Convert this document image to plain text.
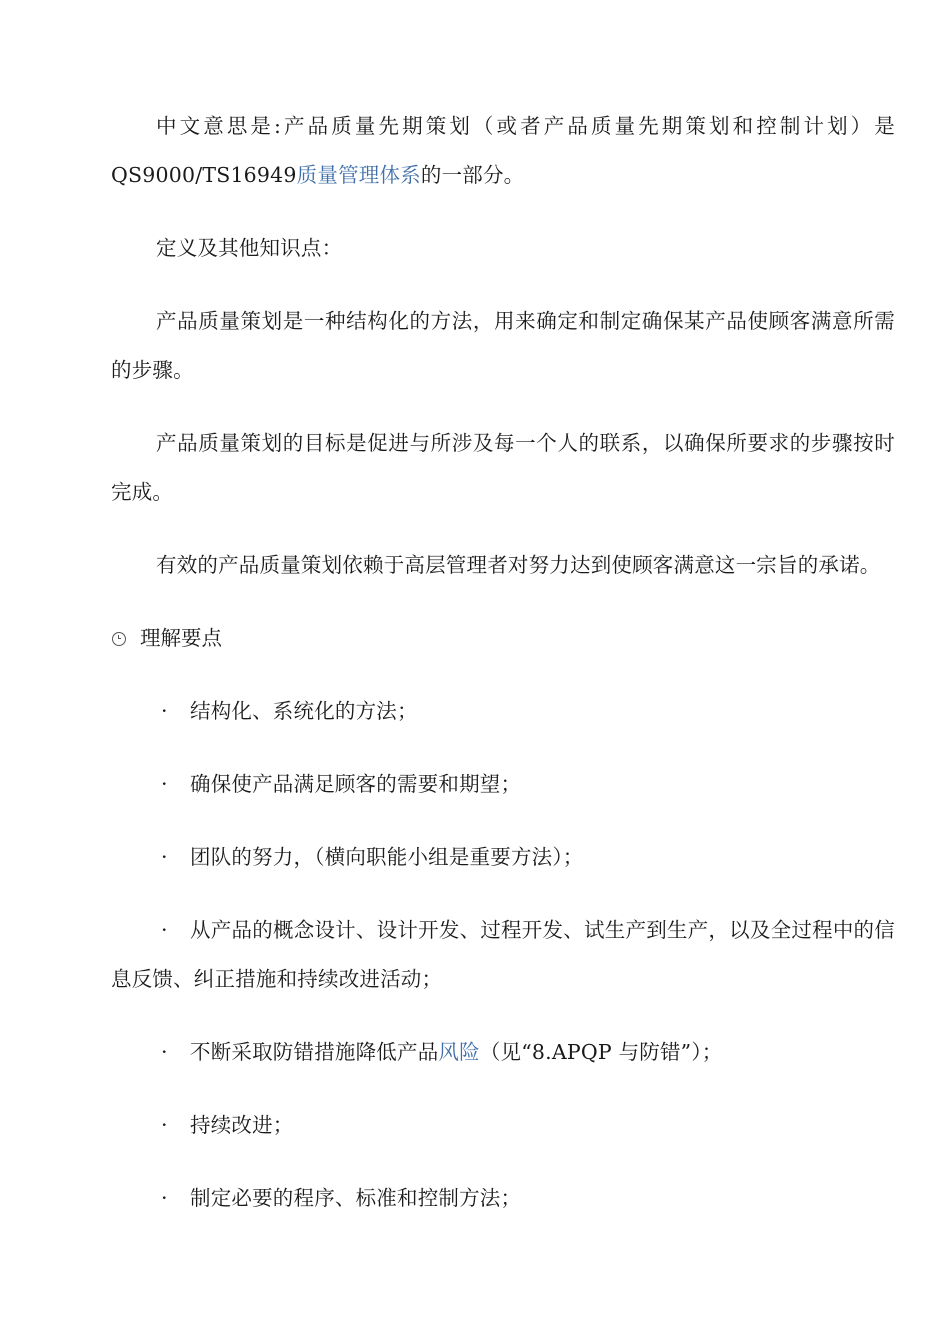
中文意思是:产品质量先期策划（或者产品质量先期策划和控制计划）是QS9000/TS16949质量管理体系的一部分。

定义及其他知识点：

产品质量策划是一种结构化的方法，用来确定和制定确保某产品使顾客满意所需的步骤。

产品质量策划的目标是促进与所涉及每一个人的联系，以确保所要求的步骤按时完成。

有效的产品质量策划依赖于高层管理者对努力达到使顾客满意这一宗旨的承诺。

理解要点

· 结构化、系统化的方法；

· 确保使产品满足顾客的需要和期望；

· 团队的努力，（横向职能小组是重要方法）；

· 从产品的概念设计、设计开发、过程开发、试生产到生产，以及全过程中的信息反馈、纠正措施和持续改进活动；

· 不断采取防错措施降低产品风险（见“8.APQP 与防错”）；

· 持续改进；

· 制定必要的程序、标准和控制方法；
